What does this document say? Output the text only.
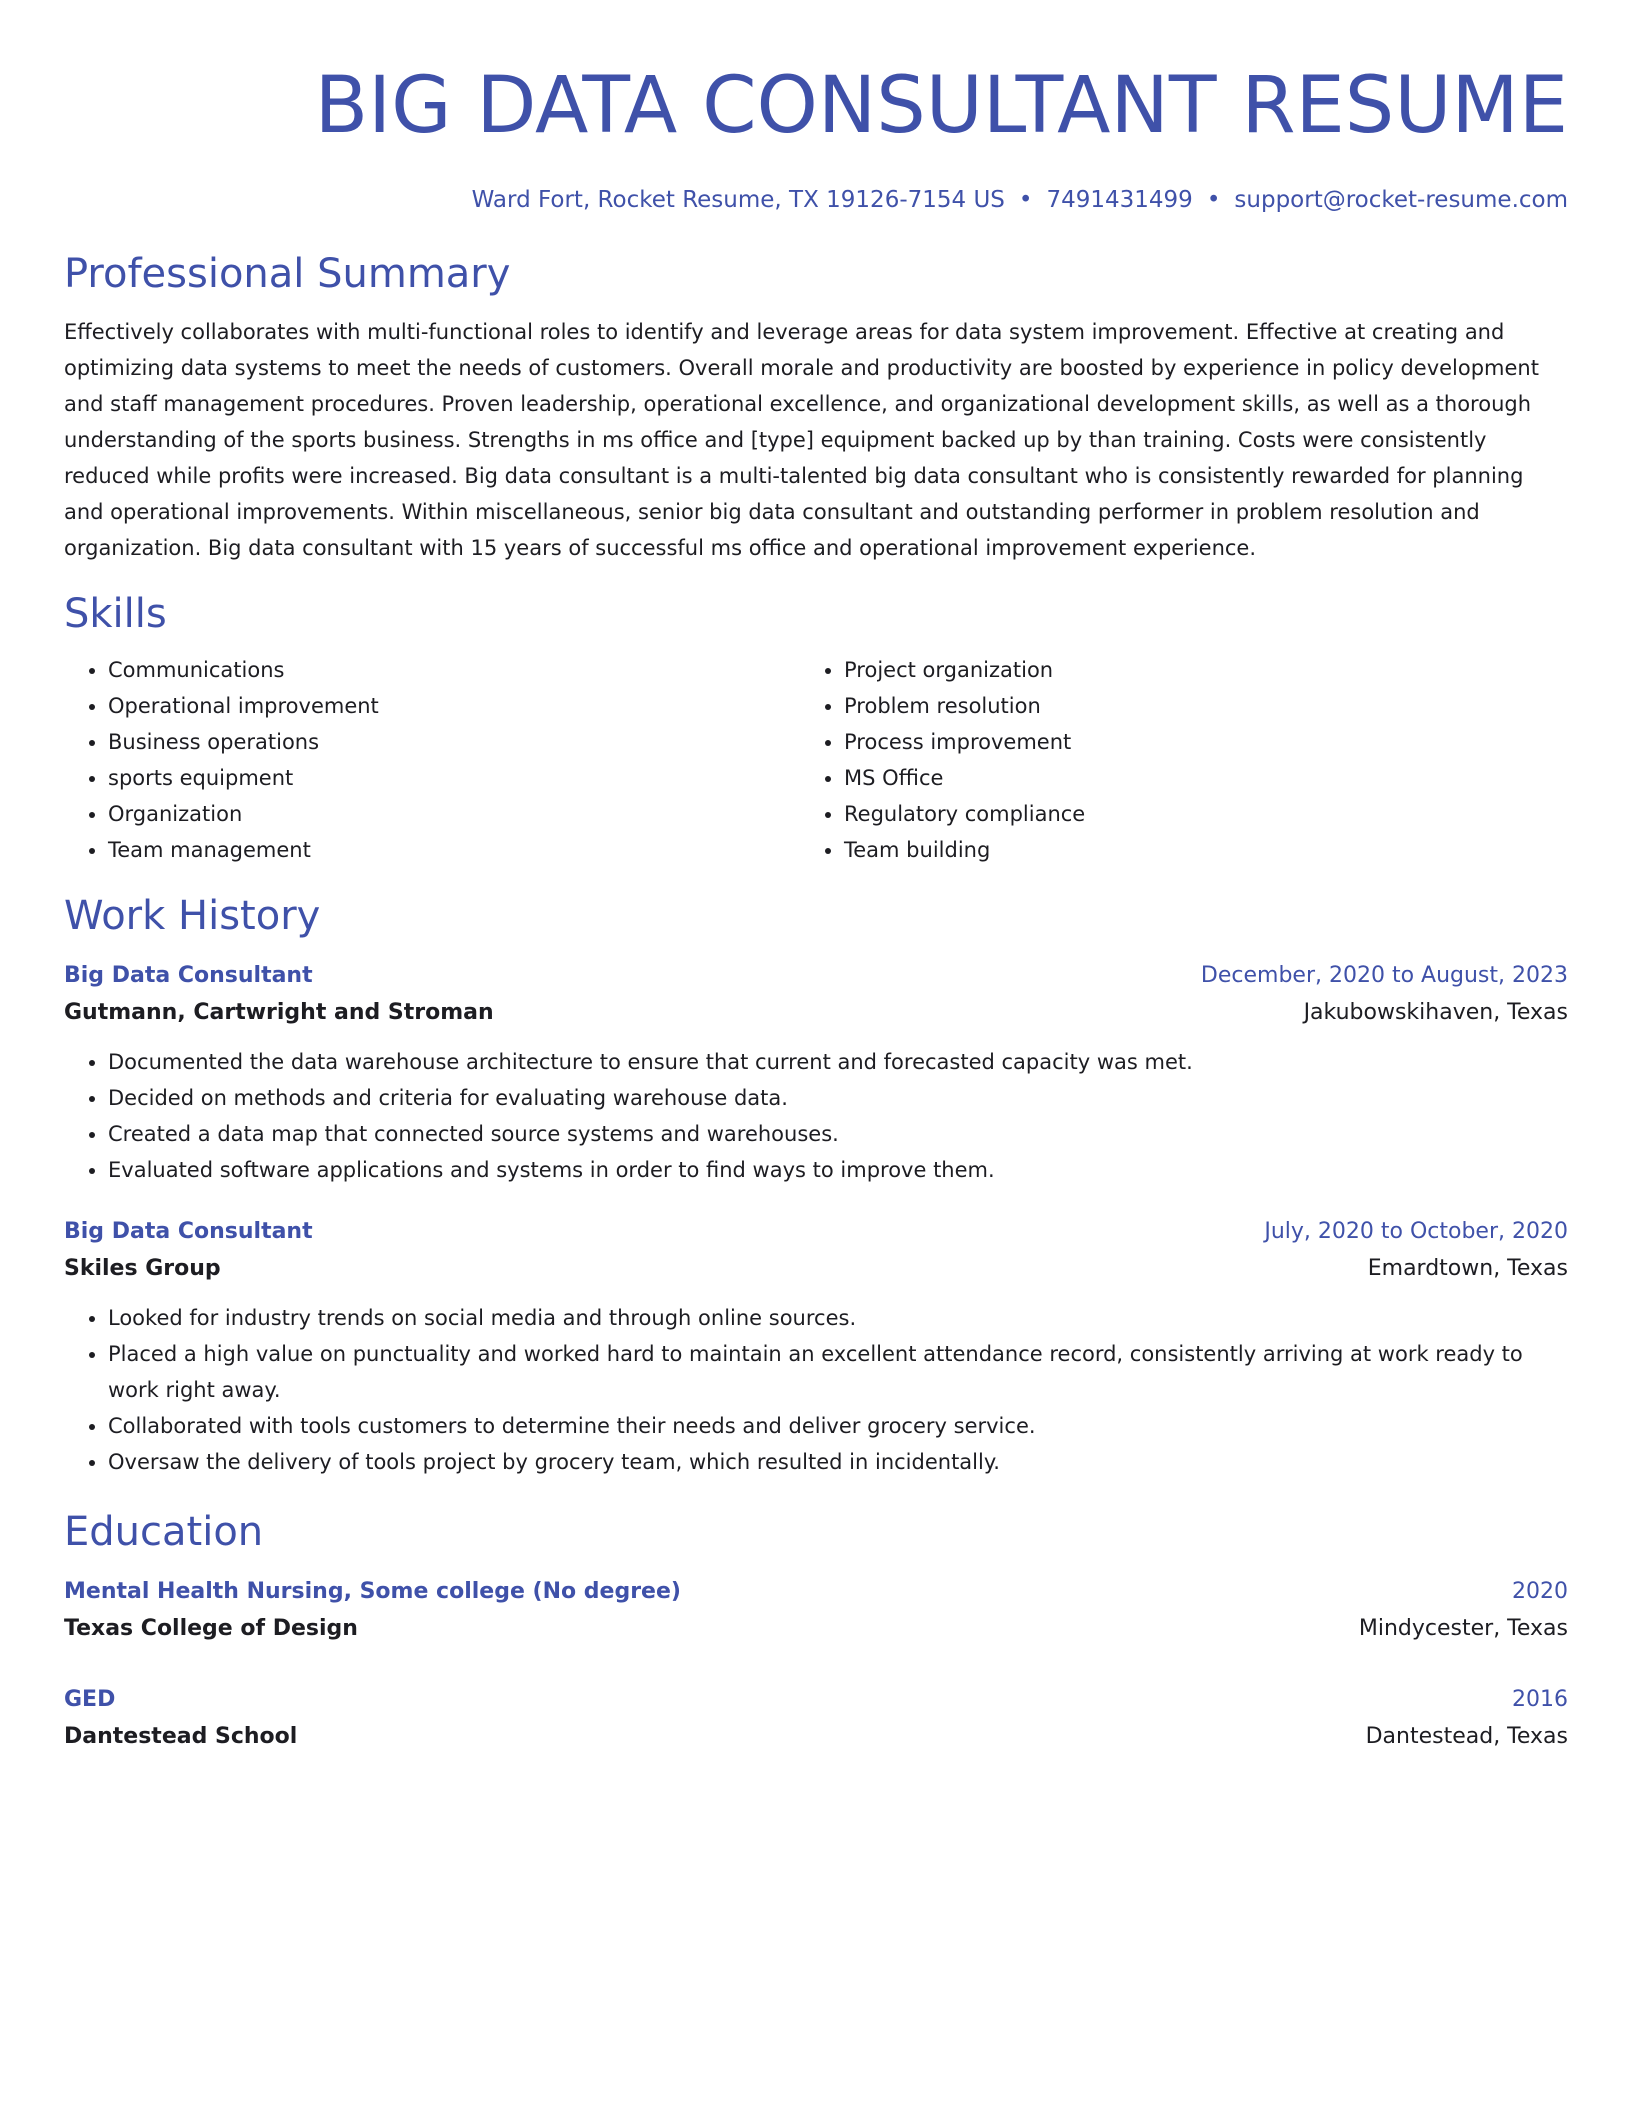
BIG DATA CONSULTANT RESUME
Ward Fort, Rocket Resume, TX 19126-7154 US • 7491431499 • support@rocket-resume.com
Professional Summary

Effectively collaborates with multi-functional roles to identify and leverage areas for data system improvement. Effective at creating and optimizing data systems to meet the needs of customers. Overall morale and productivity are boosted by experience in policy development and staff management procedures. Proven leadership, operational excellence, and organizational development skills, as well as a thorough understanding of the sports business. Strengths in ms office and [type] equipment backed up by than training. Costs were consistently reduced while profits were increased. Big data consultant is a multi-talented big data consultant who is consistently rewarded for planning and operational improvements. Within miscellaneous, senior big data consultant and outstanding performer in problem resolution and organization. Big data consultant with 15 years of successful ms office and operational improvement experience.

Skills
• Communications
• Operational improvement
• Business operations
• sports equipment
• Organization
• Team management
• Project organization
• Problem resolution
• Process improvement
• MS Office
• Regulatory compliance
• Team building
Work History
Big Data Consultant	December, 2020 to August, 2023
Gutmann, Cartwright and Stroman	Jakubowskihaven, Texas
• Documented the data warehouse architecture to ensure that current and forecasted capacity was met.
• Decided on methods and criteria for evaluating warehouse data.
• Created a data map that connected source systems and warehouses.
• Evaluated software applications and systems in order to find ways to improve them.
Big Data Consultant	July, 2020 to October, 2020
Skiles Group	Emardtown, Texas
• Looked for industry trends on social media and through online sources.
• Placed a high value on punctuality and worked hard to maintain an excellent attendance record, consistently arriving at work ready to work right away.
• Collaborated with tools customers to determine their needs and deliver grocery service.
• Oversaw the delivery of tools project by grocery team, which resulted in incidentally.
Education
Mental Health Nursing, Some college (No degree)	2020
Texas College of Design	Mindycester, Texas
GED	2016
Dantestead School	Dantestead, Texas
